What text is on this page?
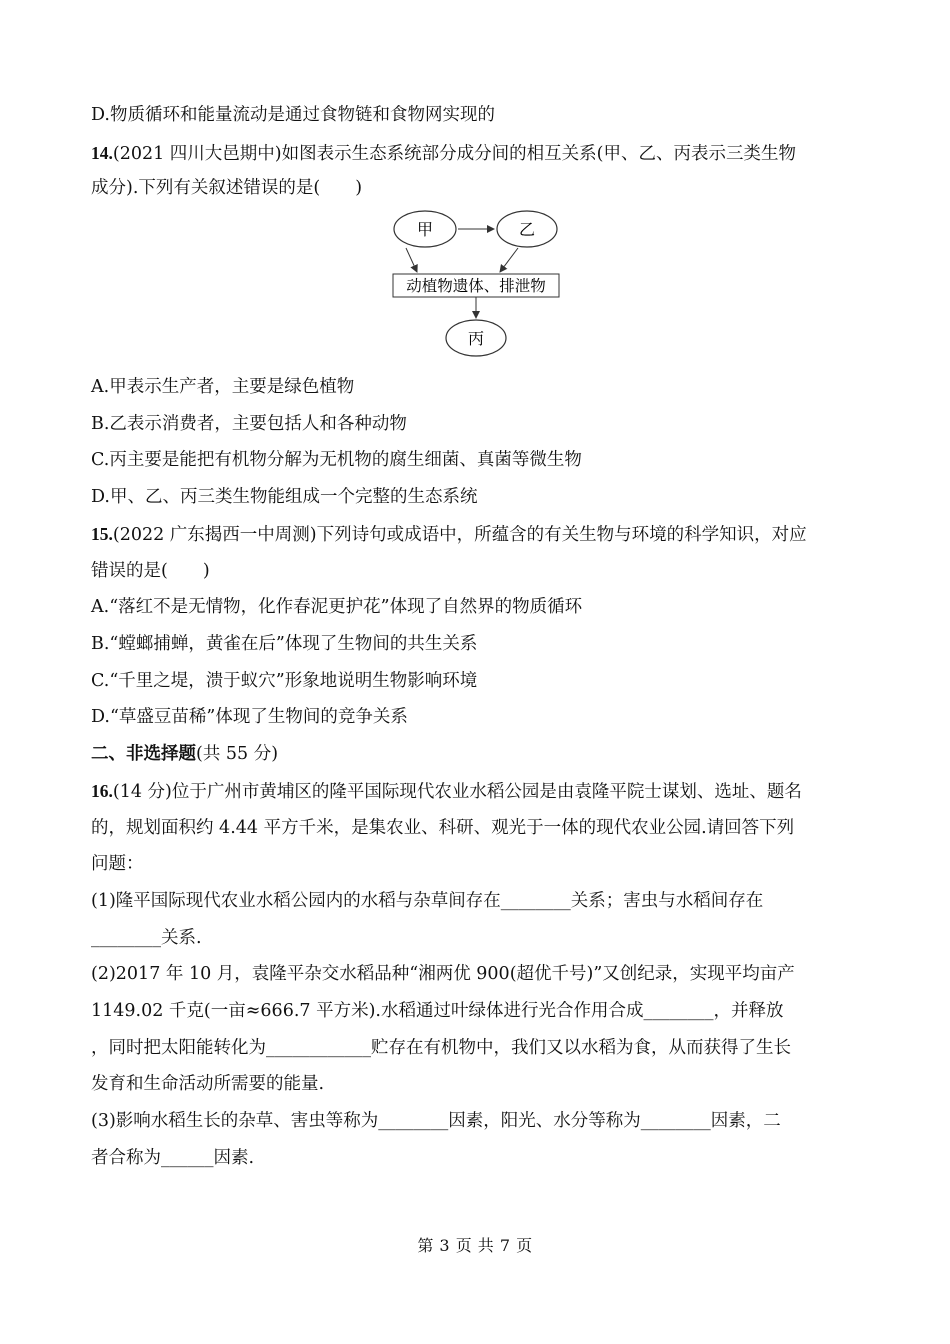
D.物质循环和能量流动是通过食物链和食物网实现的
14.(2021 四川大邑期中)如图表示生态系统部分成分间的相互关系(甲、乙、丙表示三类生物
成分).下列有关叙述错误的是(　　)
甲	乙
动植物遗体、排泄物
丙
A.甲表示生产者，主要是绿色植物
B.乙表示消费者，主要包括人和各种动物
C.丙主要是能把有机物分解为无机物的腐生细菌、真菌等微生物
D.甲、乙、丙三类生物能组成一个完整的生态系统
15.(2022 广东揭西一中周测)下列诗句或成语中，所蕴含的有关生物与环境的科学知识，对应
错误的是(　　)
A.“落红不是无情物，化作春泥更护花”体现了自然界的物质循环
B.“螳螂捕蝉，黄雀在后”体现了生物间的共生关系
C.“千里之堤，溃于蚁穴”形象地说明生物影响环境
D.“草盛豆苗稀”体现了生物间的竞争关系
二、非选择题(共 55 分)
16.(14 分)位于广州市黄埔区的隆平国际现代农业水稻公园是由袁隆平院士谋划、选址、题名
的，规划面积约 4.44 平方千米，是集农业、科研、观光于一体的现代农业公园.请回答下列
问题：
(1)隆平国际现代农业水稻公园内的水稻与杂草间存在________关系；害虫与水稻间存在
________关系.
(2)2017 年 10 月，袁隆平杂交水稻品种“湘两优 900(超优千号)”又创纪录，实现平均亩产
1149.02 千克(一亩≈666.7 平方米).水稻通过叶绿体进行光合作用合成________，并释放
，同时把太阳能转化为____________贮存在有机物中，我们又以水稻为食，从而获得了生长
发育和生命活动所需要的能量.
(3)影响水稻生长的杂草、害虫等称为________因素，阳光、水分等称为________因素，二
者合称为______因素.
第 3 页 共 7 页
